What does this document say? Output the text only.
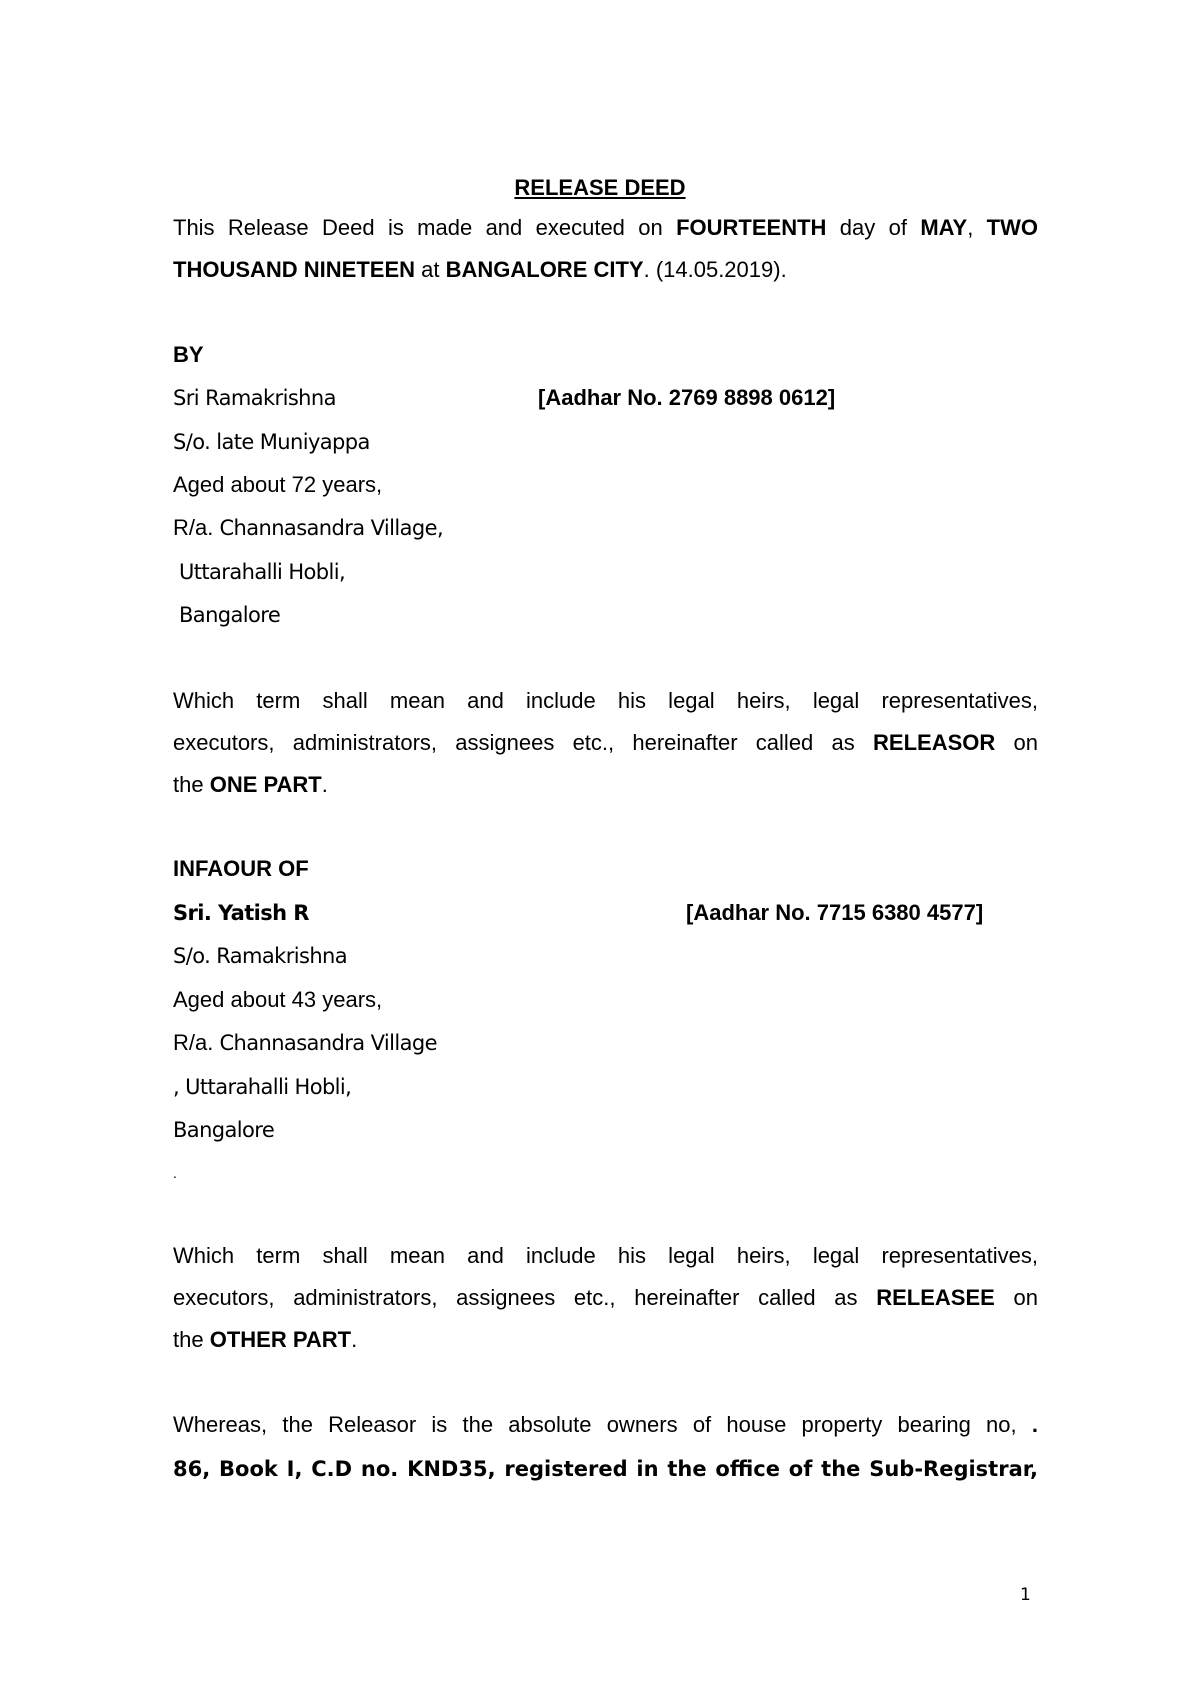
RELEASE DEED
This Release Deed is made and executed on FOURTEENTH day of MAY, TWO
THOUSAND NINETEEN at BANGALORE CITY. (14.05.2019).
BY
Sri Ramakrishna	[Aadhar No. 2769 8898 0612]
S/o. late Muniyappa
Aged about 72 years,
R/a. Channasandra Village,
Uttarahalli Hobli,
Bangalore
Which term shall mean and include his legal heirs, legal representatives,
executors, administrators, assignees etc., hereinafter called as RELEASOR on
the ONE PART.
INFAOUR OF
Sri. Yatish R	[Aadhar No. 7715 6380 4577]
S/o. Ramakrishna
Aged about 43 years,
R/a. Channasandra Village
, Uttarahalli Hobli,
Bangalore
.
Which term shall mean and include his legal heirs, legal representatives,
executors, administrators, assignees etc., hereinafter called as RELEASEE on
the OTHER PART.
Whereas, the Releasor is the absolute owners of house property bearing no, .
86, Book I, C.D no. KND35, registered in the office of the Sub-Registrar,
1
